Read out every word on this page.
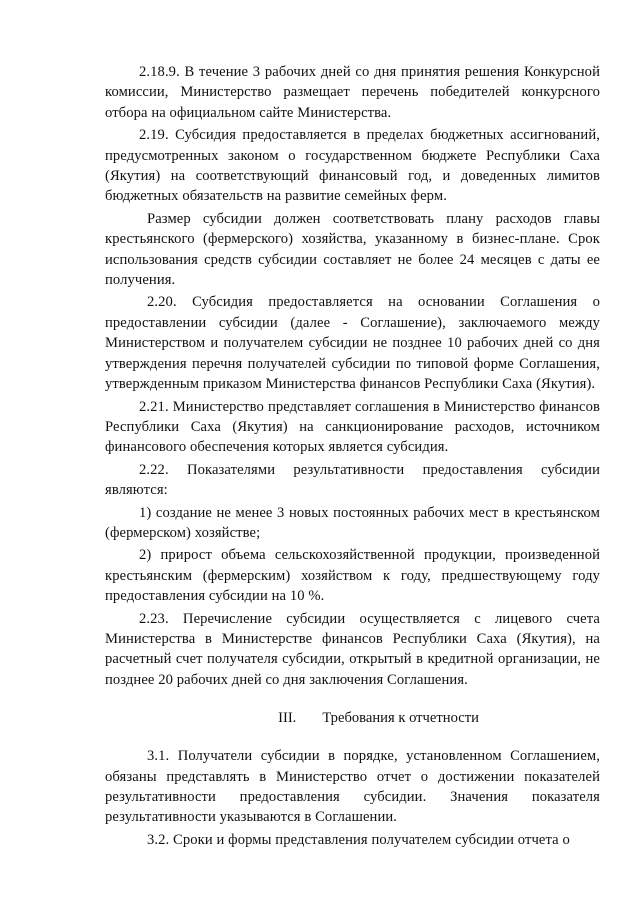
2.18.9. В течение 3 рабочих дней со дня принятия решения Конкурсной комиссии, Министерство размещает перечень победителей конкурсного отбора на официальном сайте Министерства.

2.19. Субсидия предоставляется в пределах бюджетных ассигнований, предусмотренных законом о государственном бюджете Республики Саха (Якутия) на соответствующий финансовый год, и доведенных лимитов бюджетных обязательств на развитие семейных ферм.

Размер субсидии должен соответствовать плану расходов главы крестьянского (фермерского) хозяйства, указанному в бизнес-плане. Срок использования средств субсидии составляет не более 24 месяцев с даты ее получения.

2.20. Субсидия предоставляется на основании Соглашения о предоставлении субсидии (далее - Соглашение), заключаемого между Министерством и получателем субсидии не позднее 10 рабочих дней со дня утверждения перечня получателей субсидии по типовой форме Соглашения, утвержденным приказом Министерства финансов Республики Саха (Якутия).

2.21. Министерство представляет соглашения в Министерство финансов Республики Саха (Якутия) на санкционирование расходов, источником финансового обеспечения которых является субсидия.

2.22. Показателями результативности предоставления субсидии являются:

1) создание не менее 3 новых постоянных рабочих мест в крестьянском (фермерском) хозяйстве;

2) прирост объема сельскохозяйственной продукции, произведенной крестьянским (фермерским) хозяйством к году, предшествующему году предоставления субсидии на 10 %.

2.23. Перечисление субсидии осуществляется с лицевого счета Министерства в Министерстве финансов Республики Саха (Якутия), на расчетный счет получателя субсидии, открытый в кредитной организации, не позднее 20 рабочих дней со дня заключения Соглашения.

III. Требования к отчетности

3.1. Получатели субсидии в порядке, установленном Соглашением, обязаны представлять в Министерство отчет о достижении показателей результативности предоставления субсидии. Значения показателя результативности указываются в Соглашении.

3.2. Сроки и формы представления получателем субсидии отчета о
